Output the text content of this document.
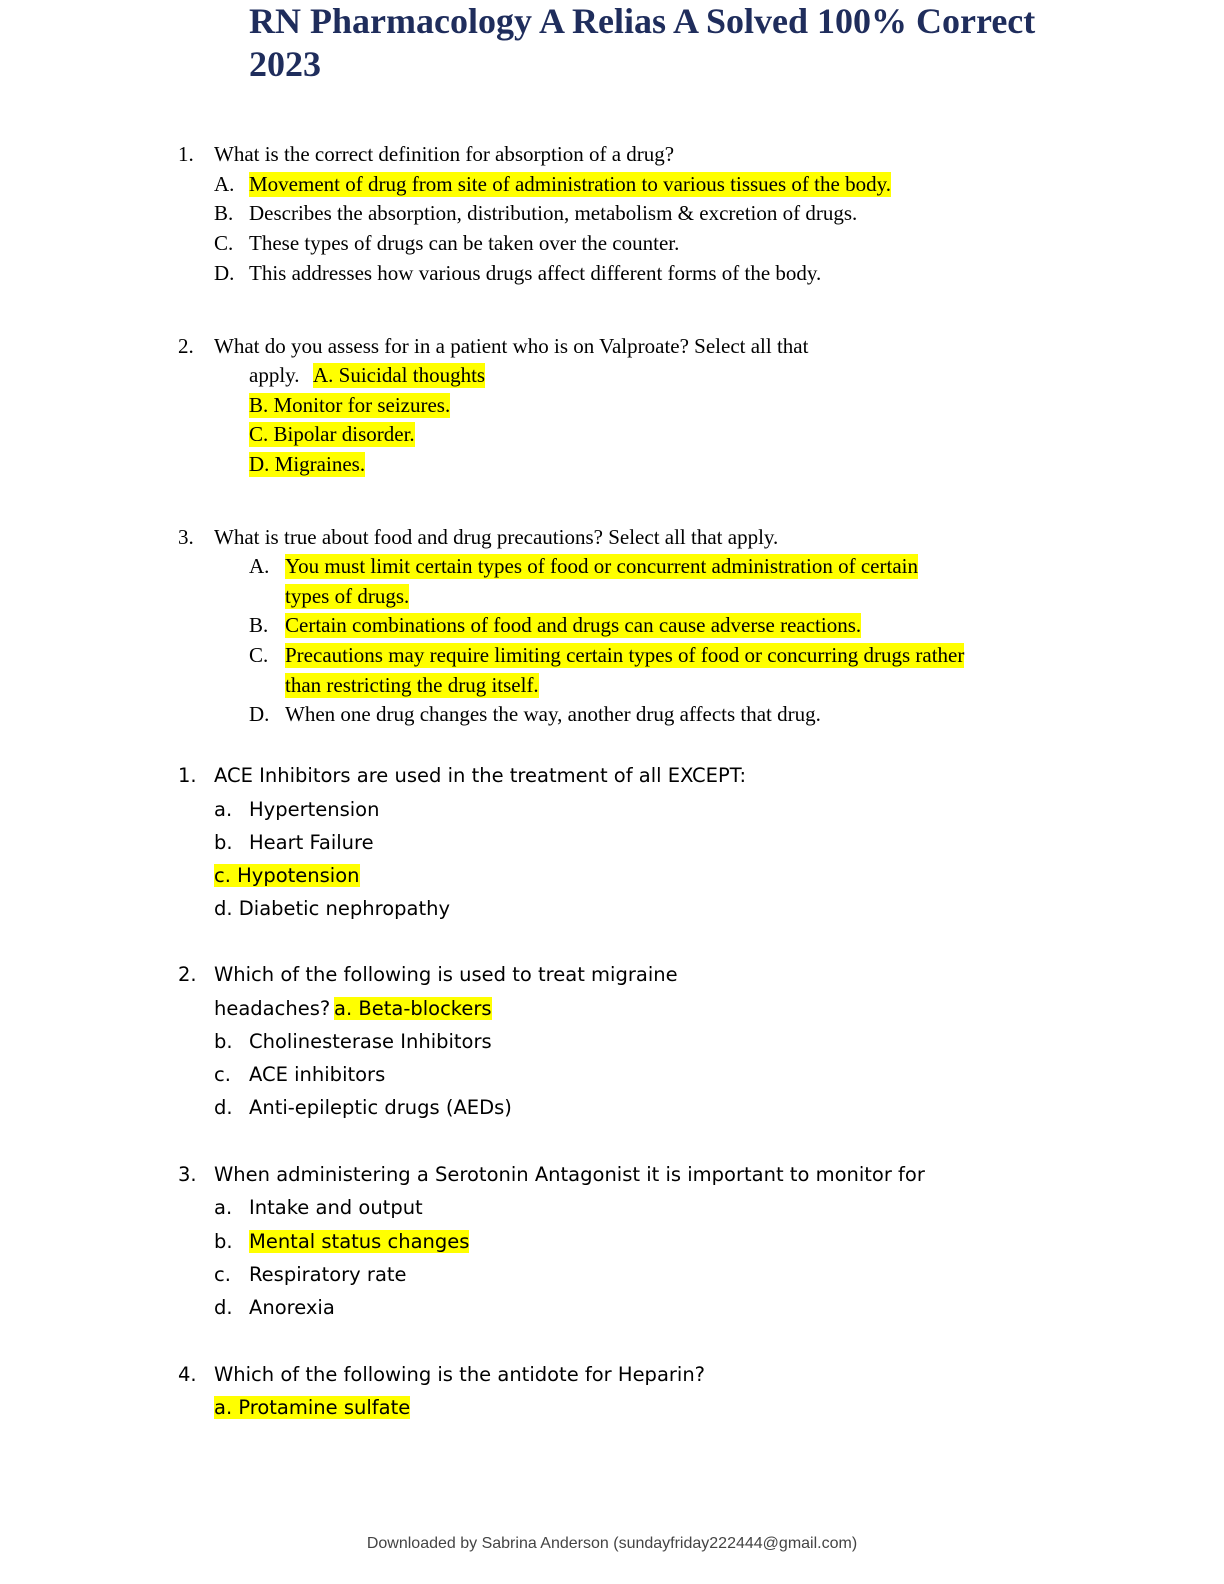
RN Pharmacology A Relias A Solved 100% Correct 2023
1. What is the correct definition for absorption of a drug?
A. Movement of drug from site of administration to various tissues of the body.
B. Describes the absorption, distribution, metabolism & excretion of drugs.
C. These types of drugs can be taken over the counter.
D. This addresses how various drugs affect different forms of the body.
2. What do you assess for in a patient who is on Valproate? Select all that
apply. A. Suicidal thoughts
B. Monitor for seizures.
C. Bipolar disorder.
D. Migraines.
3. What is true about food and drug precautions? Select all that apply.
A. You must limit certain types of food or concurrent administration of certain
types of drugs.
B. Certain combinations of food and drugs can cause adverse reactions.
C. Precautions may require limiting certain types of food or concurring drugs rather
than restricting the drug itself.
D. When one drug changes the way, another drug affects that drug.
1. ACE Inhibitors are used in the treatment of all EXCEPT:
a. Hypertension
b. Heart Failure
c. Hypotension
d. Diabetic nephropathy
2. Which of the following is used to treat migraine
headaches? a. Beta-blockers
b. Cholinesterase Inhibitors
c. ACE inhibitors
d. Anti-epileptic drugs (AEDs)
3. When administering a Serotonin Antagonist it is important to monitor for
a. Intake and output
b. Mental status changes
c. Respiratory rate
d. Anorexia
4. Which of the following is the antidote for Heparin?
a. Protamine sulfate
Downloaded by Sabrina Anderson (sundayfriday222444@gmail.com)
